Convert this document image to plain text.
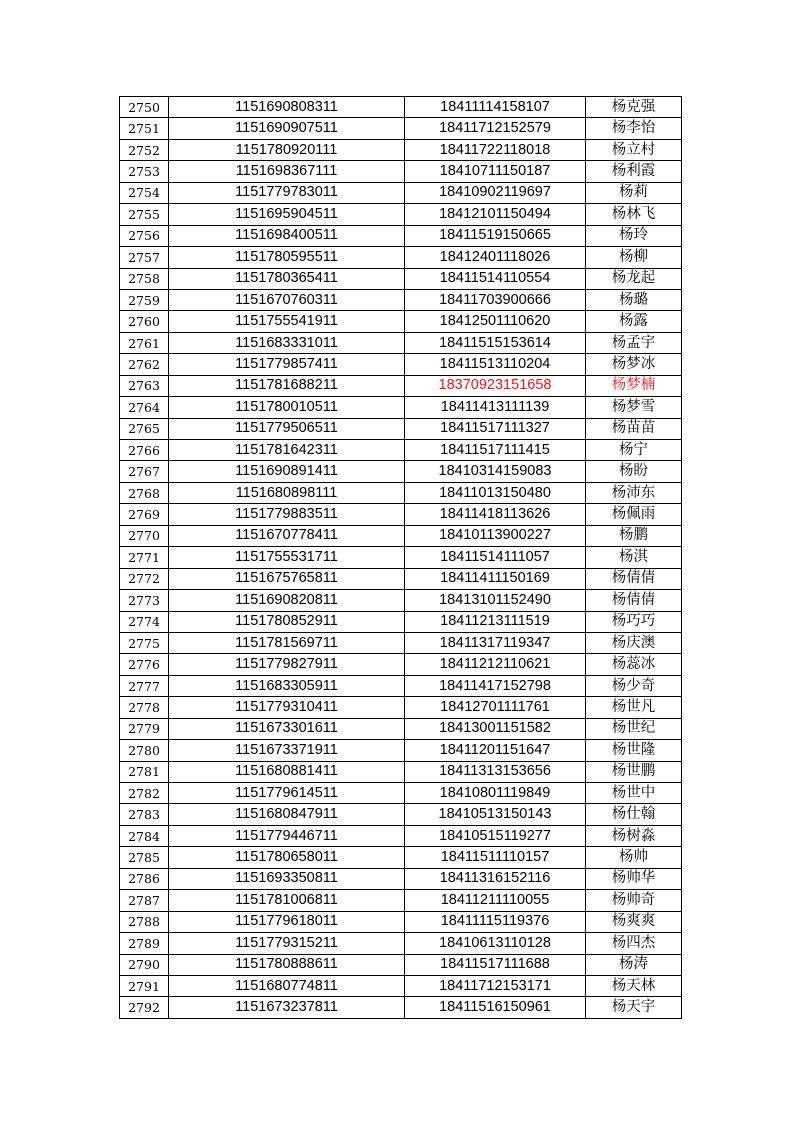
2750	1151690808311	18411114158107	杨克强
2751	1151690907511	18411712152579	杨李怡
2752	1151780920111	18411722118018	杨立村
2753	1151698367111	18410711150187	杨利霞
2754	1151779783011	18410902119697	杨莉
2755	1151695904511	18412101150494	杨林飞
2756	1151698400511	18411519150665	杨玲
2757	1151780595511	18412401118026	杨柳
2758	1151780365411	18411514110554	杨龙起
2759	1151670760311	18411703900666	杨璐
2760	1151755541911	18412501110620	杨露
2761	1151683331011	18411515153614	杨孟宇
2762	1151779857411	18411513110204	杨梦冰
2763	1151781688211	18370923151658	杨梦楠
2764	1151780010511	18411413111139	杨梦雪
2765	1151779506511	18411517111327	杨苗苗
2766	1151781642311	18411517111415	杨宁
2767	1151690891411	18410314159083	杨盼
2768	1151680898111	18411013150480	杨沛东
2769	1151779883511	18411418113626	杨佩雨
2770	1151670778411	18410113900227	杨鹏
2771	1151755531711	18411514111057	杨淇
2772	1151675765811	18411411150169	杨倩倩
2773	1151690820811	18413101152490	杨倩倩
2774	1151780852911	18411213111519	杨巧巧
2775	1151781569711	18411317119347	杨庆澳
2776	1151779827911	18411212110621	杨蕊冰
2777	1151683305911	18411417152798	杨少奇
2778	1151779310411	18412701111761	杨世凡
2779	1151673301611	18413001151582	杨世纪
2780	1151673371911	18411201151647	杨世隆
2781	1151680881411	18411313153656	杨世鹏
2782	1151779614511	18410801119849	杨世中
2783	1151680847911	18410513150143	杨仕翰
2784	1151779446711	18410515119277	杨树淼
2785	1151780658011	18411511110157	杨帅
2786	1151693350811	18411316152116	杨帅华
2787	1151781006811	18411211110055	杨帅奇
2788	1151779618011	18411115119376	杨爽爽
2789	1151779315211	18410613110128	杨四杰
2790	1151780888611	18411517111688	杨涛
2791	1151680774811	18411712153171	杨天林
2792	1151673237811	18411516150961	杨天宇
